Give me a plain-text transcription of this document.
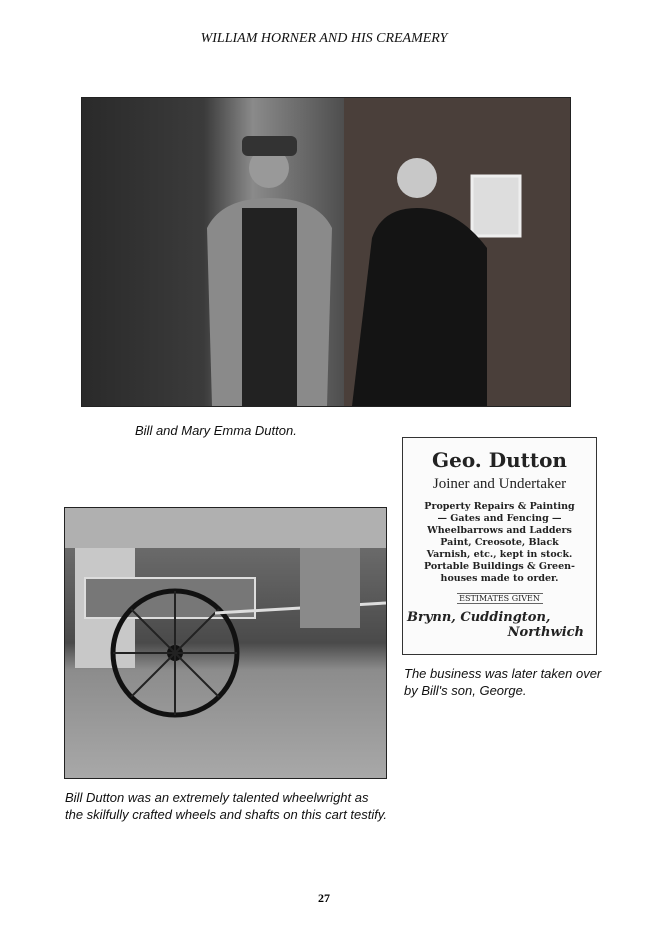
WILLIAM HORNER AND HIS CREAMERY
Bill and Mary Emma Dutton.
Geo. Dutton
Joiner and Undertaker
Property Repairs & Painting
— Gates and Fencing —
Wheelbarrows and Ladders
Paint, Creosote, Black
Varnish, etc., kept in stock.
Portable Buildings & Green-
houses made to order.
ESTIMATES GIVEN
Brynn, Cuddington,
Northwich
The business was later taken over by Bill's son, George.
Bill Dutton was an extremely talented wheelwright as the skilfully crafted wheels and shafts on this cart testify.
27
